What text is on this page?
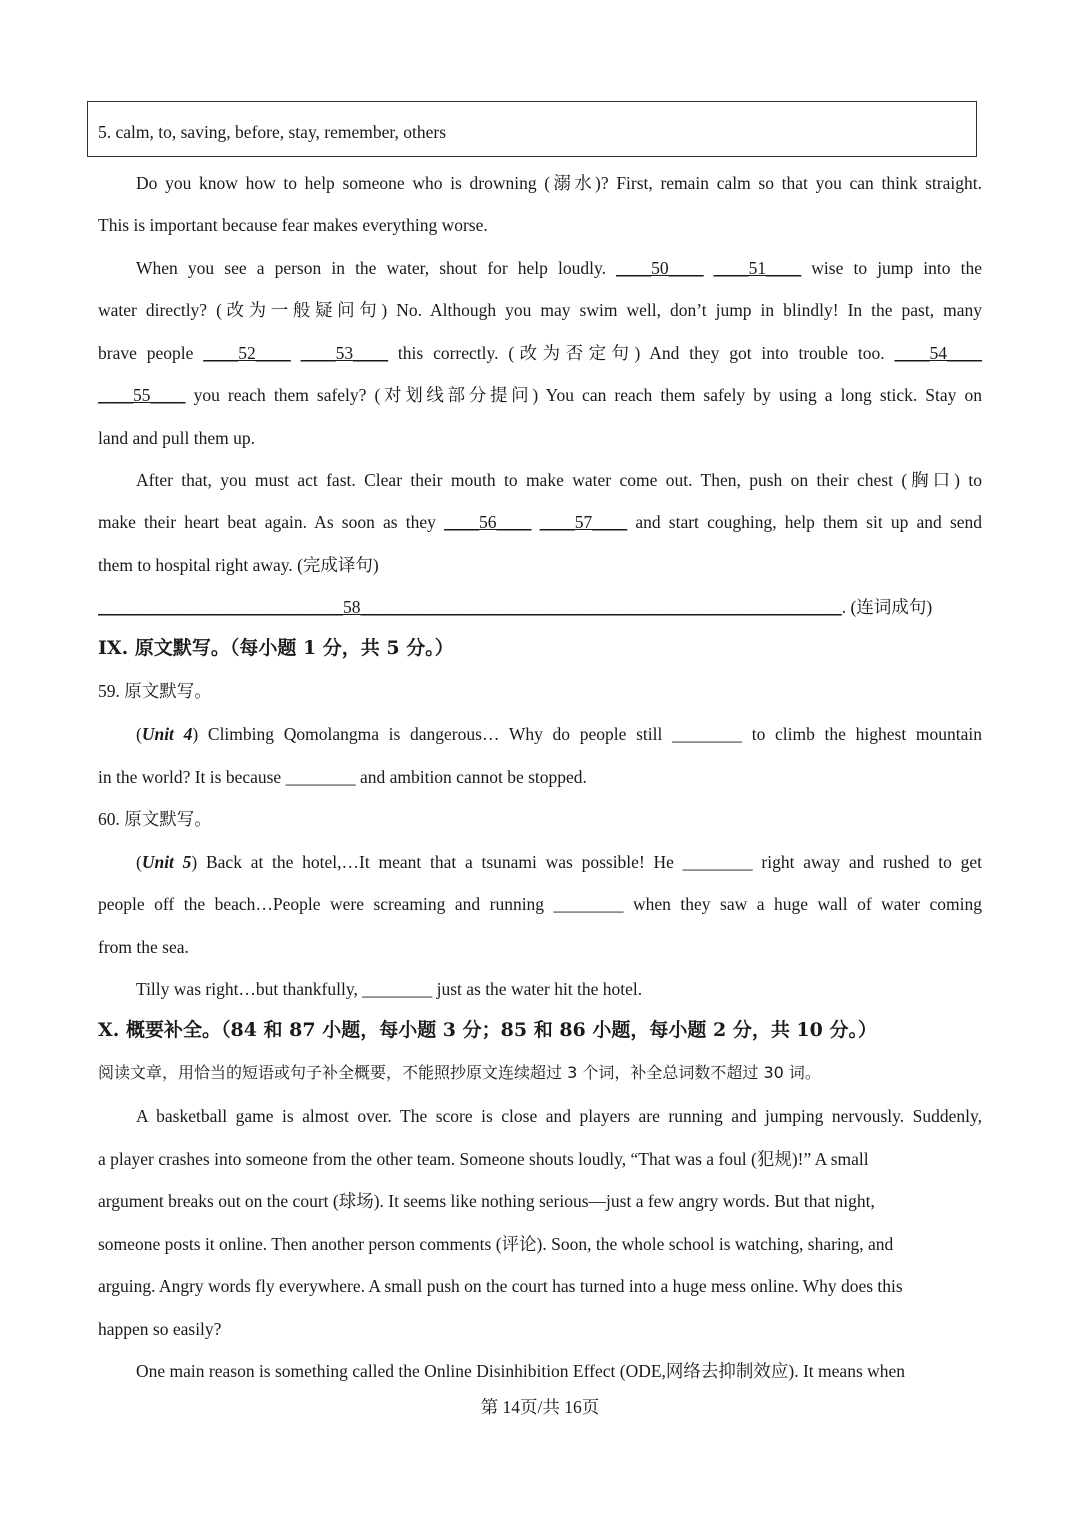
5. calm, to, saving, before, stay, remember, others
Do you know how to help someone who is drowning (溺水)? First, remain calm so that you can think straight.
This is important because fear makes everything worse.
When you see a person in the water, shout for help loudly. ____50____ ____51____ wise to jump into the
water directly? (改为一般疑问句) No. Although you may swim well, don’t jump in blindly! In the past, many
brave people ____52____ ____53____ this correctly. (改为否定句) And they got into trouble too. ____54____
____55____ you reach them safely? (对划线部分提问) You can reach them safely by using a long stick. Stay on
land and pull them up.
After that, you must act fast. Clear their mouth to make water come out. Then, push on their chest (胸口) to
make their heart beat again. As soon as they ____56____ ____57____ and start coughing, help them sit up and send
them to hospital right away. (完成译句)
____________________________58_______________________________________________________. (连词成句)
IX. 原文默写。（每小题 1 分，共 5 分。）
59. 原文默写。
(Unit 4) Climbing Qomolangma is dangerous… Why do people still ________ to climb the highest mountain
in the world? It is because ________ and ambition cannot be stopped.
60. 原文默写。
(Unit 5) Back at the hotel,…It meant that a tsunami was possible! He ________ right away and rushed to get
people off the beach…People were screaming and running ________ when they saw a huge wall of water coming
from the sea.
Tilly was right…but thankfully, ________ just as the water hit the hotel.
X. 概要补全。（84 和 87 小题，每小题 3 分；85 和 86 小题，每小题 2 分，共 10 分。）
阅读文章，用恰当的短语或句子补全概要，不能照抄原文连续超过 3 个词，补全总词数不超过 30 词。
A basketball game is almost over. The score is close and players are running and jumping nervously. Suddenly,
a player crashes into someone from the other team. Someone shouts loudly, “That was a foul (犯规)!” A small
argument breaks out on the court (球场). It seems like nothing serious—just a few angry words. But that night,
someone posts it online. Then another person comments (评论). Soon, the whole school is watching, sharing, and
arguing. Angry words fly everywhere. A small push on the court has turned into a huge mess online. Why does this
happen so easily?
One main reason is something called the Online Disinhibition Effect (ODE,网络去抑制效应). It means when
第 14页/共 16页
